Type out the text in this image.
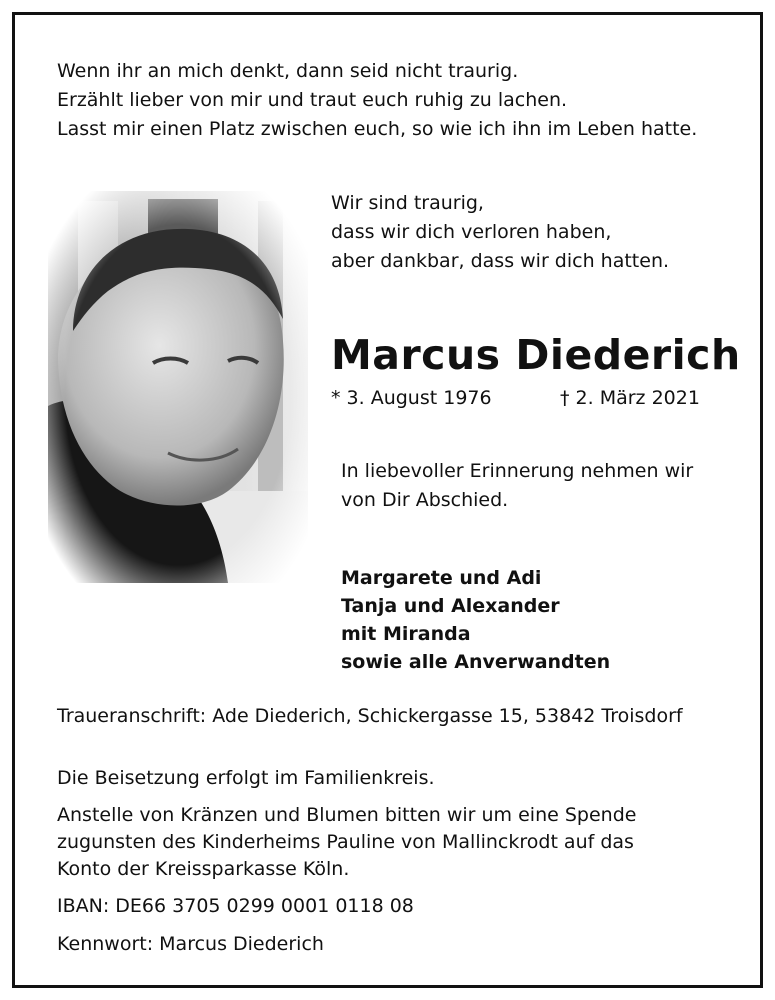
Wenn ihr an mich denkt, dann seid nicht traurig.
Erzählt lieber von mir und traut euch ruhig zu lachen.
Lasst mir einen Platz zwischen euch, so wie ich ihn im Leben hatte.

Wir sind traurig,
dass wir dich verloren haben,
aber dankbar, dass wir dich hatten.

Marcus Diederich

* 3. August 1976	† 2. März 2021

In liebevoller Erinnerung nehmen wir
von Dir Abschied.

Margarete und Adi
Tanja und Alexander
mit Miranda
sowie alle Anverwandten

Traueranschrift: Ade Diederich, Schickergasse 15, 53842 Troisdorf

Die Beisetzung erfolgt im Familienkreis.

Anstelle von Kränzen und Blumen bitten wir um eine Spende
zugunsten des Kinderheims Pauline von Mallinckrodt auf das
Konto der Kreissparkasse Köln.

IBAN: DE66 3705 0299 0001 0118 08

Kennwort: Marcus Diederich
